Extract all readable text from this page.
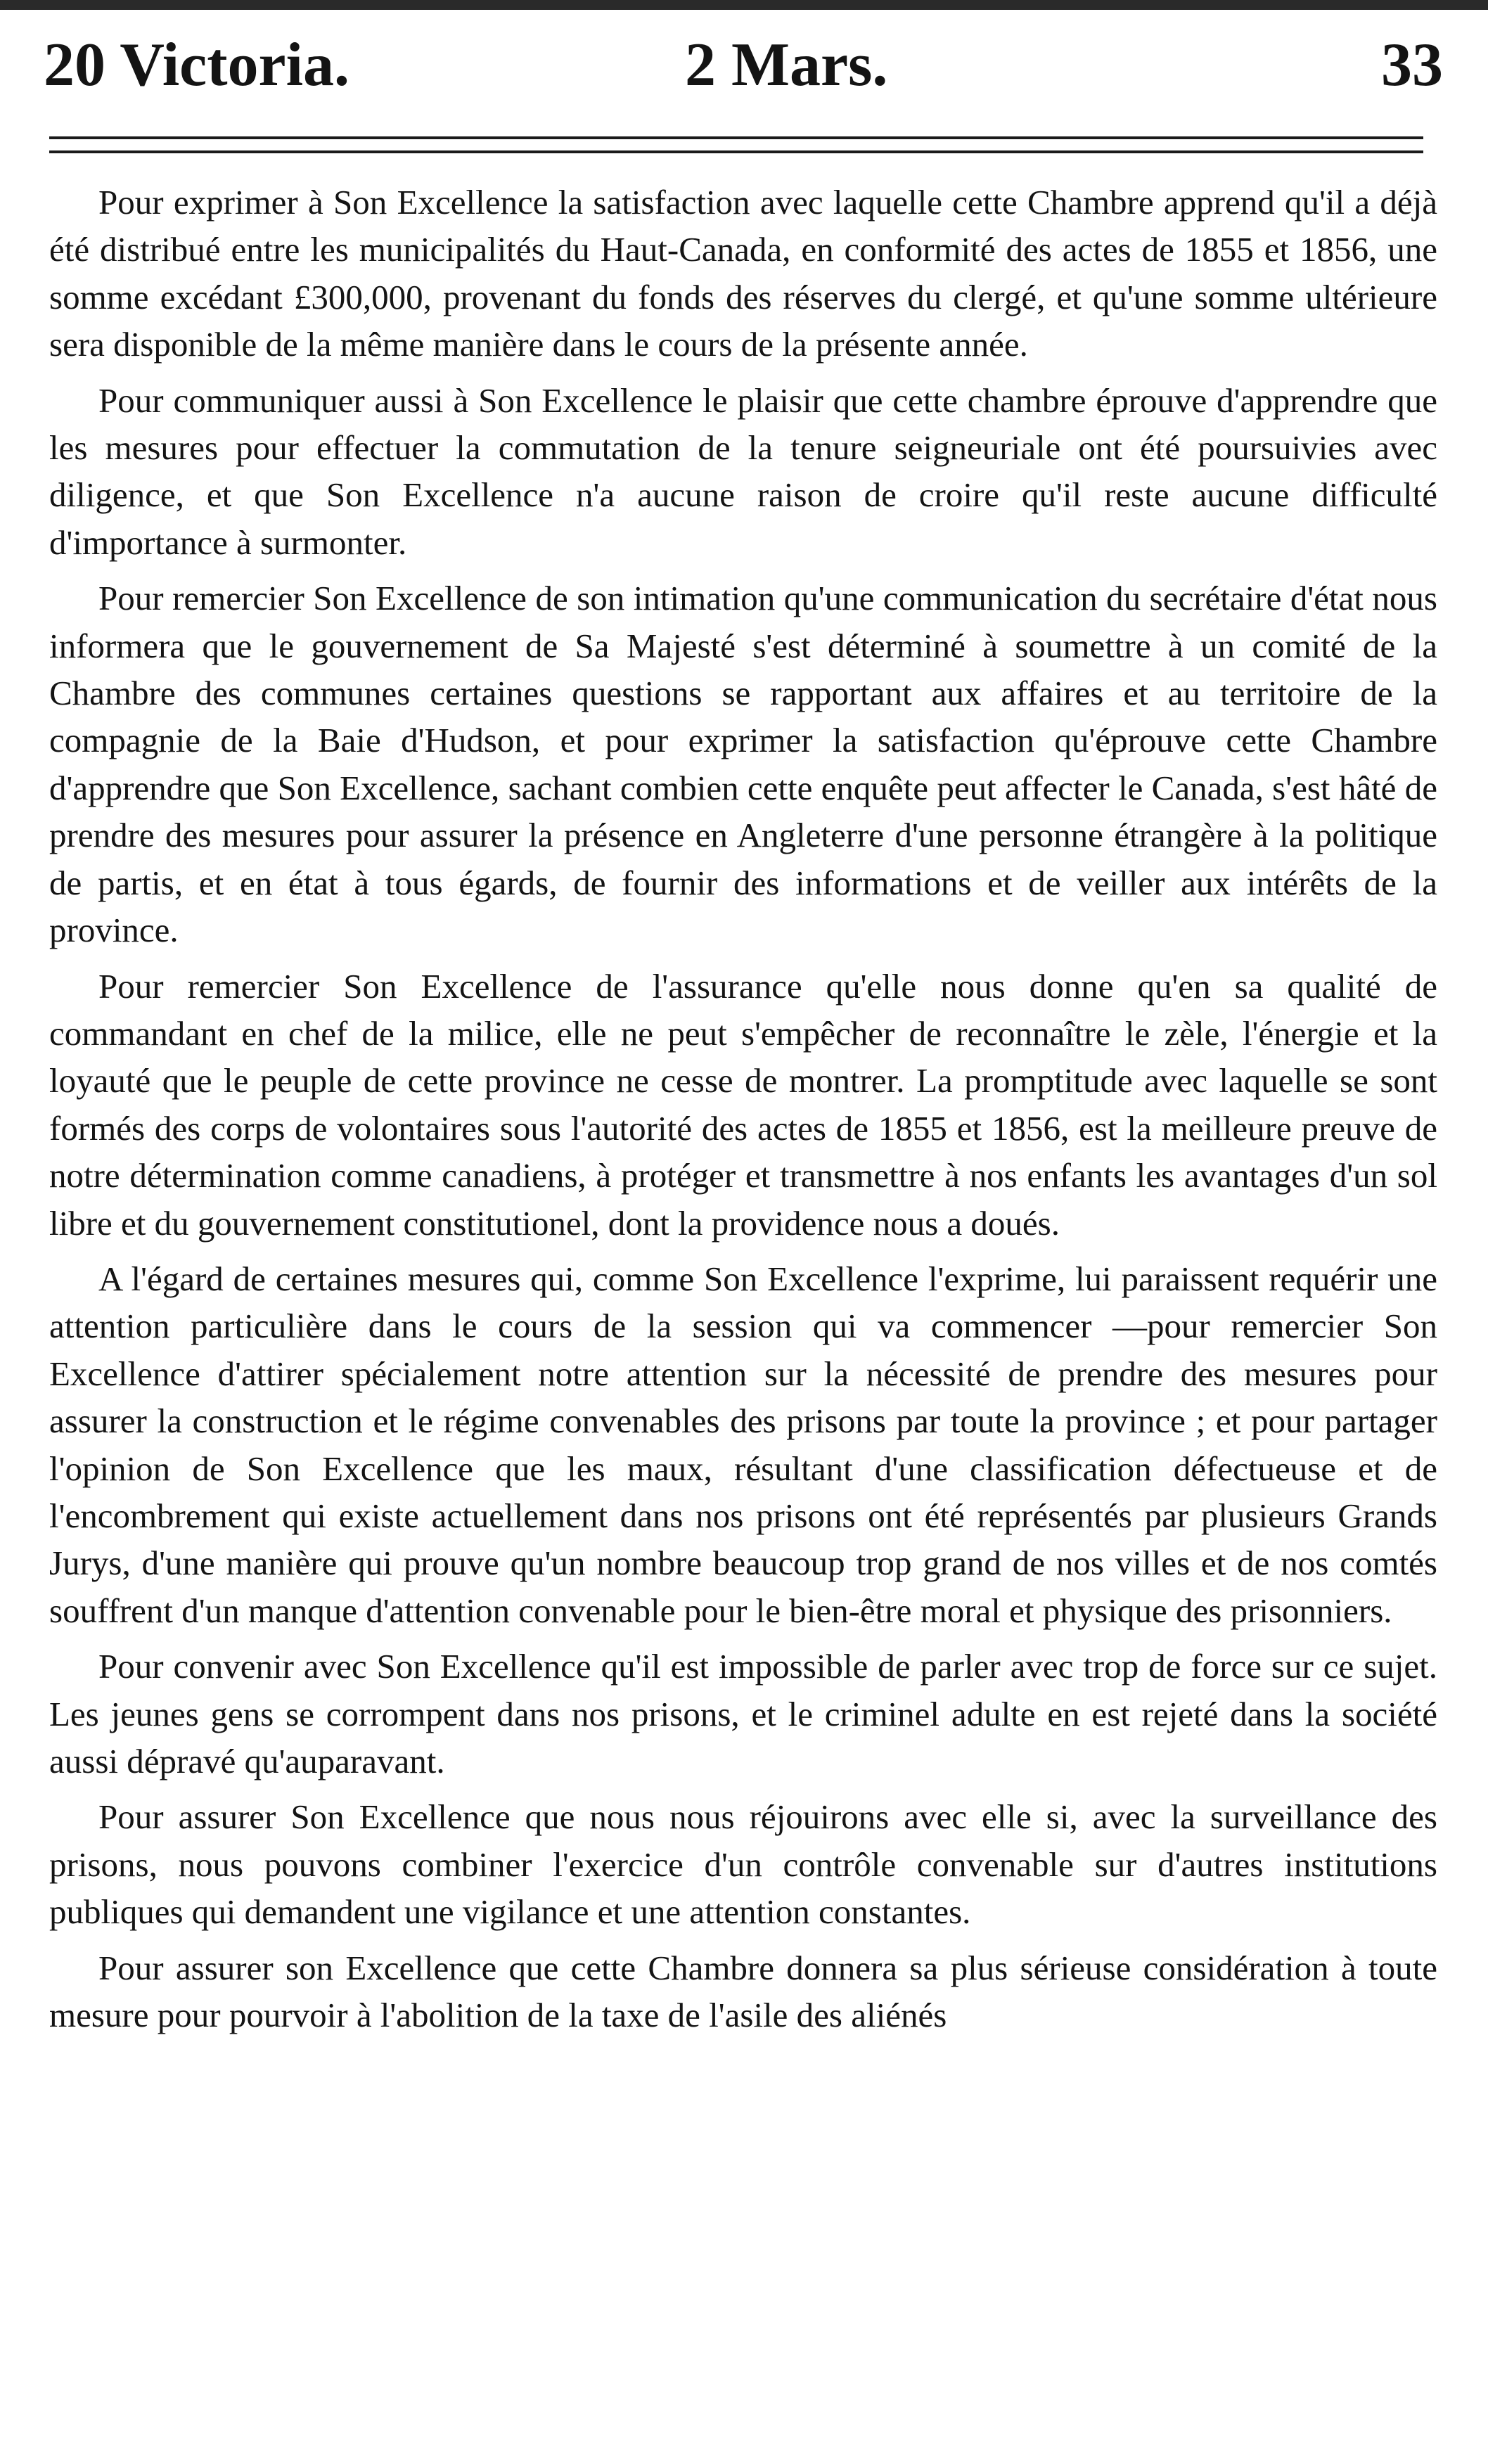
20 Victoria.	2 Mars.	33

Pour exprimer à Son Excellence la satisfaction avec laquelle cette Chambre apprend qu'il a déjà été distribué entre les municipalités du Haut-Canada, en conformité des actes de 1855 et 1856, une somme excédant £300,000, provenant du fonds des réserves du clergé, et qu'une somme ultérieure sera disponible de la même manière dans le cours de la présente année.

Pour communiquer aussi à Son Excellence le plaisir que cette chambre éprouve d'apprendre que les mesures pour effectuer la commutation de la tenure seigneuriale ont été poursuivies avec diligence, et que Son Excellence n'a aucune raison de croire qu'il reste aucune difficulté d'importance à surmonter.

Pour remercier Son Excellence de son intimation qu'une communication du secrétaire d'état nous informera que le gouvernement de Sa Majesté s'est déterminé à soumettre à un comité de la Chambre des communes certaines questions se rapportant aux affaires et au territoire de la compagnie de la Baie d'Hudson, et pour exprimer la satisfaction qu'éprouve cette Chambre d'apprendre que Son Excellence, sachant combien cette enquête peut affecter le Canada, s'est hâté de prendre des mesures pour assurer la présence en Angleterre d'une personne étrangère à la politique de partis, et en état à tous égards, de fournir des informations et de veiller aux intérêts de la province.

Pour remercier Son Excellence de l'assurance qu'elle nous donne qu'en sa qualité de commandant en chef de la milice, elle ne peut s'empêcher de reconnaître le zèle, l'énergie et la loyauté que le peuple de cette province ne cesse de montrer. La promptitude avec laquelle se sont formés des corps de volontaires sous l'autorité des actes de 1855 et 1856, est la meilleure preuve de notre détermination comme canadiens, à protéger et transmettre à nos enfants les avantages d'un sol libre et du gouvernement constitutionel, dont la providence nous a doués.

A l'égard de certaines mesures qui, comme Son Excellence l'exprime, lui paraissent requérir une attention particulière dans le cours de la session qui va commencer —pour remercier Son Excellence d'attirer spécialement notre attention sur la nécessité de prendre des mesures pour assurer la construction et le régime convenables des prisons par toute la province ; et pour partager l'opinion de Son Excellence que les maux, résultant d'une classification défectueuse et de l'encombrement qui existe actuellement dans nos prisons ont été représentés par plusieurs Grands Jurys, d'une manière qui prouve qu'un nombre beaucoup trop grand de nos villes et de nos comtés souffrent d'un manque d'attention convenable pour le bien-être moral et physique des prisonniers.

Pour convenir avec Son Excellence qu'il est impossible de parler avec trop de force sur ce sujet. Les jeunes gens se corrompent dans nos prisons, et le criminel adulte en est rejeté dans la société aussi dépravé qu'auparavant.

Pour assurer Son Excellence que nous nous réjouirons avec elle si, avec la surveillance des prisons, nous pouvons combiner l'exercice d'un contrôle convenable sur d'autres institutions publiques qui demandent une vigilance et une attention constantes.

Pour assurer son Excellence que cette Chambre donnera sa plus sérieuse considération à toute mesure pour pourvoir à l'abolition de la taxe de l'asile des aliénés
